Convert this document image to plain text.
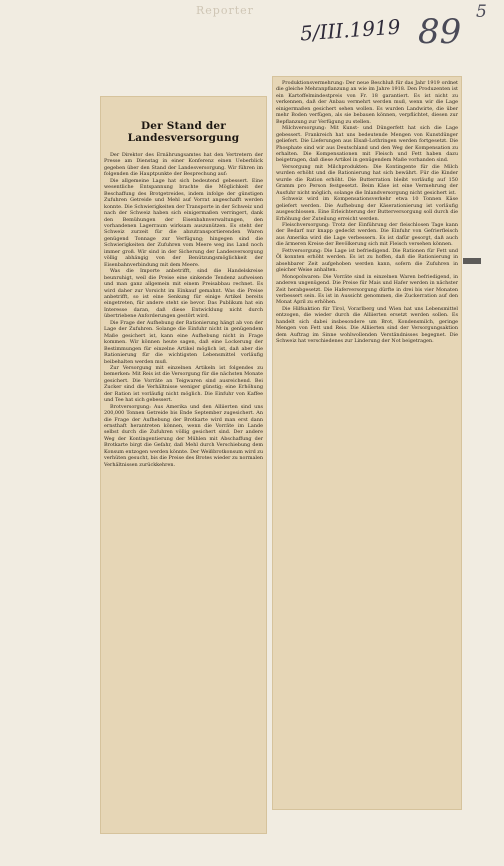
Reporter
5/III.1919 89 5
Der Stand der Landesversorgung

Der Direktor des Ernährungsamtes hat den Vertretern der Presse am Dienstag in einer Konferenz einen Ueberblick gegeben über den Stand der Landesversorgung. Wir führen im folgenden die Hauptpunkte der Besprechung auf:

Die allgemeine Lage hat sich bedeutend gebessert. Eine wesentliche Entspannung brachte die Möglichkeit der Beschaffung des Brotgetreides, indem infolge der günstigen Zufuhren Getreide und Mehl auf Vorrat angeschafft werden konnte. Die Schwierigkeiten der Transporte in der Schweiz und nach der Schweiz haben sich einigermaßen verringert, dank den Bemühungen der Eisenbahnverwaltungen, den vorhandenen Lagerraum wirksam auszunützen. Es steht der Schweiz zurzeit für die abzutransportierenden Waren genügend Tonnage zur Verfügung; hingegen sind die Schwierigkeiten der Zufuhren vom Meere weg ins Land noch immer groß. Wir sind in der Sicherung der Landesversorgung völlig abhängig von der Benützungsmöglichkeit der Eisenbahnverbindung mit dem Meere.

Was die Importe anbetrifft, sind die Handelskreise beunruhigt, weil die Preise eine sinkende Tendenz aufweisen und man ganz allgemein mit einem Preisabbau rechnet. Es wird daher zur Vorsicht im Einkauf gemahnt. Was die Preise anbetrifft, so ist eine Senkung für einige Artikel bereits eingetreten, für andere steht sie bevor. Das Publikum hat ein Interesse daran, daß diese Entwicklung nicht durch übertriebene Anforderungen gestört wird.

Die Frage der Aufhebung der Rationierung hängt ab von der Lage der Zufuhren. Solange die Einfuhr nicht in genügendem Maße gesichert ist, kann eine Aufhebung nicht in Frage kommen. Wir können heute sagen, daß eine Lockerung der Bestimmungen für einzelne Artikel möglich ist, daß aber die Rationierung für die wichtigsten Lebensmittel vorläufig beibehalten werden muß.

Zur Versorgung mit einzelnen Artikeln ist folgendes zu bemerken: Mit Reis ist die Versorgung für die nächsten Monate gesichert. Die Vorräte an Teigwaren sind ausreichend. Bei Zucker sind die Verhältnisse weniger günstig; eine Erhöhung der Ration ist vorläufig nicht möglich. Die Einfuhr von Kaffee und Tee hat sich gebessert.

Brotversorgung: Aus Amerika und den Alliierten sind uns 200,000 Tonnen Getreide bis Ende September zugesichert. An die Frage der Aufhebung der Brotkarte wird man erst dann ernsthaft herantreten können, wenn die Vorräte im Lande selbst durch die Zufuhren völlig gesichert sind. Der andere Weg der Kontingentierung der Mühlen mit Abschaffung der Brotkarte birgt die Gefahr, daß Mehl durch Verschiebung dem Konsum entzogen werden könnte. Der Weißbrotkonsum wird zu verhüten gesucht, bis die Preise des Brotes wieder zu normalen Verhältnissen zurückkehren.

Produktionsvermehrung: Der neue Beschluß für das Jahr 1919 ordnet die gleiche Mehranpflanzung an wie im Jahre 1918. Den Produzenten ist ein Kartoffelmindestpreis von Fr. 18 garantiert. Es ist nicht zu verkennen, daß der Anbau vermehrt werden muß, wenn wir die Lage einigermaßen gesichert sehen wollen. Es wurden Landwirte, die über mehr Boden verfügen, als sie bebauen können, verpflichtet, diesen zur Bepflanzung zur Verfügung zu stellen.

Milchversorgung: Mit Kunst- und Düngerfett hat sich die Lage gebessert. Frankreich hat uns bedeutende Mengen von Kunstdünger geliefert. Die Lieferungen aus Elsaß-Lothringen werden fortgesetzt. Die Phosphate sind wir aus Deutschland und den Weg der Kompensation zu erhalten. Die Kompensationen mit Fleisch und Fett haben dazu beigetragen, daß diese Artikel in genügendem Maße vorhanden sind.

Versorgung mit Milchprodukten: Die Kontingente für die Milch wurden erhöht und die Rationierung hat sich bewährt. Für die Kinder wurde die Ration erhöht. Die Butterration bleibt vorläufig auf 150 Gramm pro Person festgesetzt. Beim Käse ist eine Vermehrung der Ausfuhr nicht möglich, solange die Inlandversorgung nicht gesichert ist.

Schweiz wird im Kompensationsverkehr etwa 10 Tonnen Käse geliefert werden. Die Aufhebung der Käserationierung ist vorläufig ausgeschlossen. Eine Erleichterung der Butterversorgung soll durch die Erhöhung der Zuteilung erreicht werden.

Fleischversorgung: Trotz der Einführung der fleischlosen Tage kann der Bedarf nur knapp gedeckt werden. Die Einfuhr von Gefrierfleisch aus Amerika wird die Lage verbessern. Es ist dafür gesorgt, daß auch die ärmeren Kreise der Bevölkerung sich mit Fleisch versehen können.

Fettversorgung: Die Lage ist befriedigend. Die Rationen für Fett und Öl konnten erhöht werden. Es ist zu hoffen, daß die Rationierung in absehbarer Zeit aufgehoben werden kann, sofern die Zufuhren in gleicher Weise anhalten.

Monopolwaren: Die Vorräte sind in einzelnen Waren befriedigend, in anderen ungenügend. Die Preise für Mais und Hafer werden in nächster Zeit herabgesetzt. Die Haferversorgung dürfte in drei bis vier Monaten verbessert sein. Es ist in Aussicht genommen, die Zuckerration auf den Monat April zu erhöhen.

Die Hilfsaktion für Tirol, Vorarlberg und Wien hat uns Lebensmittel entzogen, die wieder durch die Alliierten ersetzt werden sollen. Es handelt sich dabei insbesondere um Brot, Kondensmilch, geringe Mengen von Fett und Reis. Die Alliierten sind der Versorgungsaktion dem Auftrag im Sinne wohlwollenden Verständnisses begegnet. Die Schweiz hat verschiedenes zur Linderung der Not beigetragen.
